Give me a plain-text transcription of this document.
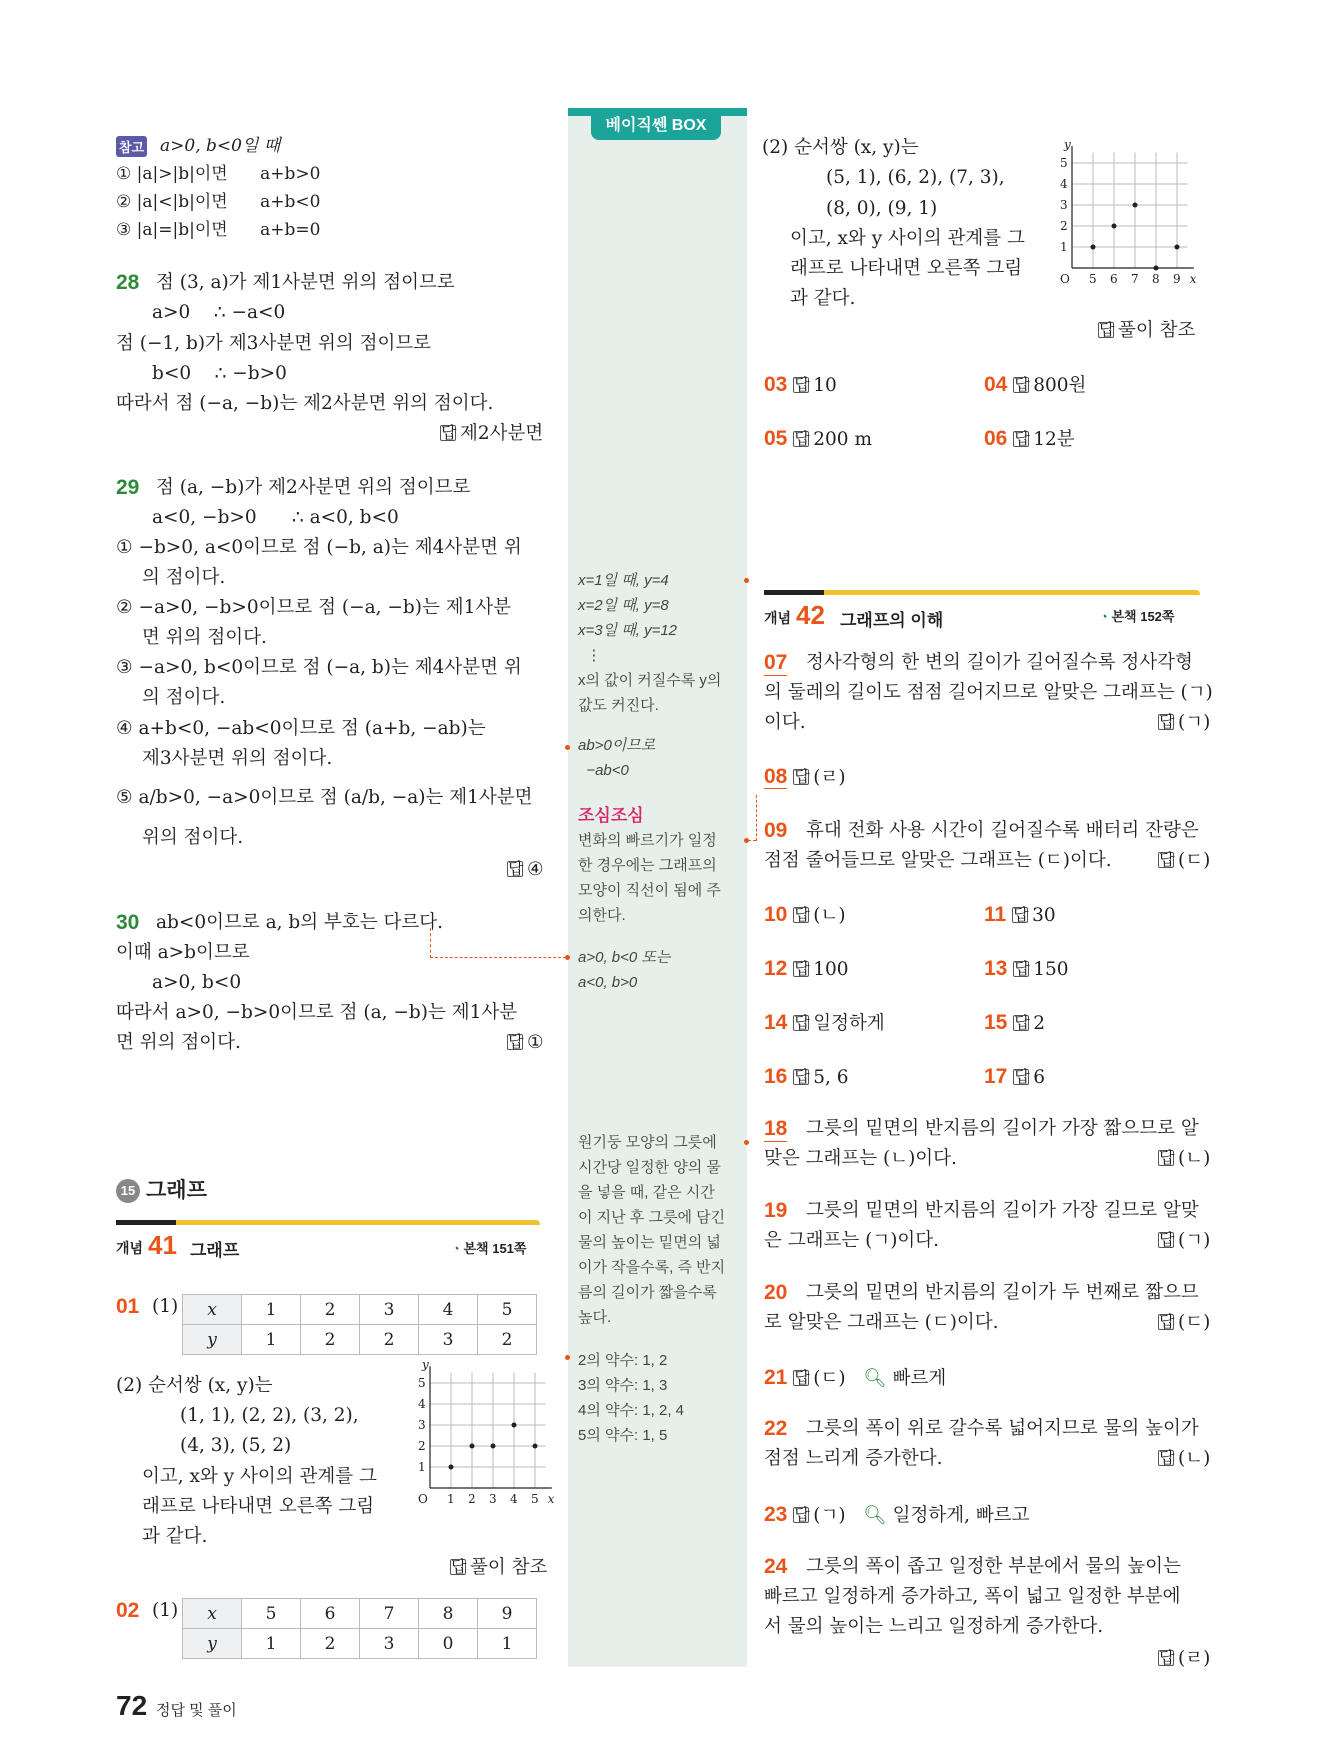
참고 a>0, b<0일 때
① |a|>|b|이면      a+b>0
② |a|<|b|이면      a+b<0
③ |a|=|b|이면      a+b=0
28 점 (3, a)가 제1사분면 위의 점이므로
a>0    ∴ −a<0
점 (−1, b)가 제3사분면 위의 점이므로
b<0    ∴ −b>0
따라서 점 (−a, −b)는 제2사분면 위의 점이다.
답 제2사분면
29 점 (a, −b)가 제2사분면 위의 점이므로
a<0, −b>0      ∴ a<0, b<0
① −b>0, a<0이므로 점 (−b, a)는 제4사분면 위
의 점이다.
② −a>0, −b>0이므로 점 (−a, −b)는 제1사분
면 위의 점이다.
③ −a>0, b<0이므로 점 (−a, b)는 제4사분면 위
의 점이다.
④ a+b<0, −ab<0이므로 점 (a+b, −ab)는
제3사분면 위의 점이다.
⑤ a/b>0, −a>0이므로 점 (a/b, −a)는 제1사분면
위의 점이다.
답 ④
30 ab<0이므로 a, b의 부호는 다르다.
이때 a>b이므로
a>0, b<0
따라서 a>0, −b>0이므로 점 (a, −b)는 제1사분
면 위의 점이다.	답 ①
15 그래프
개념 41 그래프	◔ 본책 151쪽
01 (1) x	1	2	3	4	5
y	1	2	2	3	2
(2) 순서쌍 (x, y)는
(1, 1), (2, 2), (3, 2),
(4, 3), (5, 2)
이고, x와 y 사이의 관계를 그
래프로 나타내면 오른쪽 그림
과 같다.
답 풀이 참조
O 1 2 3 4 5
1
2
3
4
5
x
y
02 (1) x	5	6	7	8	9
y	1	2	3	0	1
베이직쎈 BOX
x=1일 때, y=4
x=2일 때, y=8
x=3일 때, y=12
⋮
x의 값이 커질수록 y의
값도 커진다.
ab>0이므로
−ab<0
조심조심
변화의 빠르기가 일정
한 경우에는 그래프의
모양이 직선이 됨에 주
의한다.
a>0, b<0 또는
a<0, b>0
원기둥 모양의 그릇에
시간당 일정한 양의 물
을 넣을 때, 같은 시간
이 지난 후 그릇에 담긴
물의 높이는 밑면의 넓
이가 작을수록, 즉 반지
름의 길이가 짧을수록
높다.
2의 약수: 1, 2
3의 약수: 1, 3
4의 약수: 1, 2, 4
5의 약수: 1, 5
(2) 순서쌍 (x, y)는
(5, 1), (6, 2), (7, 3),
(8, 0), (9, 1)
이고, x와 y 사이의 관계를 그
래프로 나타내면 오른쪽 그림
과 같다.
답 풀이 참조
O 5 6 7 8 9
1
2
3
4
5
x
y
03 답 10	04 답 800원
05 답 200 m	06 답 12분
개념 42 그래프의 이해	◔ 본책 152쪽
07 정사각형의 한 변의 길이가 길어질수록 정사각형
의 둘레의 길이도 점점 길어지므로 알맞은 그래프는 (ㄱ)
이다.	답 (ㄱ)
08 답 (ㄹ)
09 휴대 전화 사용 시간이 길어질수록 배터리 잔량은
점점 줄어들므로 알맞은 그래프는 (ㄷ)이다.	답 (ㄷ)
10 답 (ㄴ)	11 답 30
12 답 100	13 답 150
14 답 일정하게	15 답 2
16 답 5, 6	17 답 6
18 그릇의 밑면의 반지름의 길이가 가장 짧으므로 알
맞은 그래프는 (ㄴ)이다.	답 (ㄴ)
19 그릇의 밑면의 반지름의 길이가 가장 길므로 알맞
은 그래프는 (ㄱ)이다.	답 (ㄱ)
20 그릇의 밑면의 반지름의 길이가 두 번째로 짧으므
로 알맞은 그래프는 (ㄷ)이다.	답 (ㄷ)
21 답 (ㄷ) 🔍︎ 빠르게
22 그릇의 폭이 위로 갈수록 넓어지므로 물의 높이가
점점 느리게 증가한다.	답 (ㄴ)
23 답 (ㄱ) 🔍︎ 일정하게, 빠르고
24 그릇의 폭이 좁고 일정한 부분에서 물의 높이는
빠르고 일정하게 증가하고, 폭이 넓고 일정한 부분에
서 물의 높이는 느리고 일정하게 증가한다.
답 (ㄹ)
72 정답 및 풀이
